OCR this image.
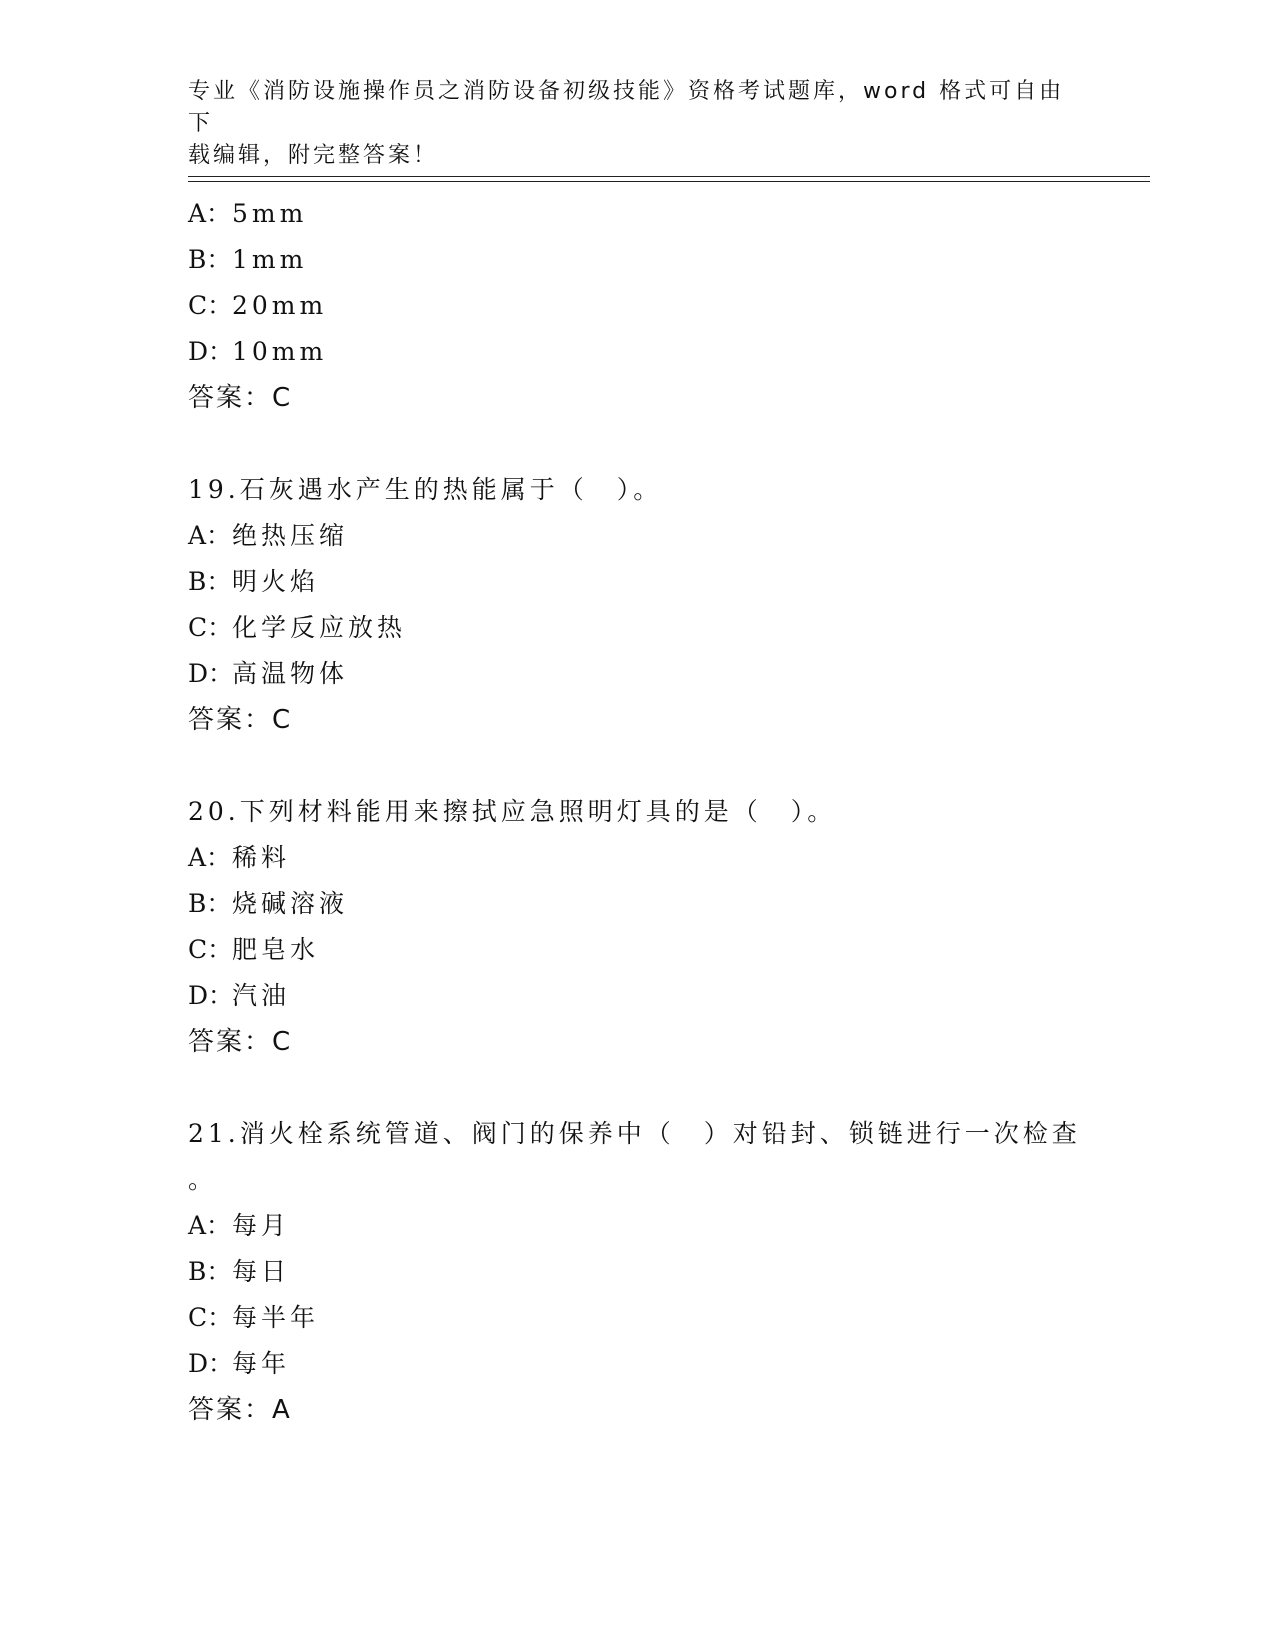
专业《消防设施操作员之消防设备初级技能》资格考试题库，word 格式可自由下
载编辑，附完整答案！
A：5mm
B：1mm
C：20mm
D：10mm
答案：C
19.石灰遇水产生的热能属于（　）。
A：绝热压缩
B：明火焰
C：化学反应放热
D：高温物体
答案：C
20.下列材料能用来擦拭应急照明灯具的是（　）。
A：稀料
B：烧碱溶液
C：肥皂水
D：汽油
答案：C
21.消火栓系统管道、阀门的保养中（　）对铅封、锁链进行一次检查
。
A：每月
B：每日
C：每半年
D：每年
答案：A
